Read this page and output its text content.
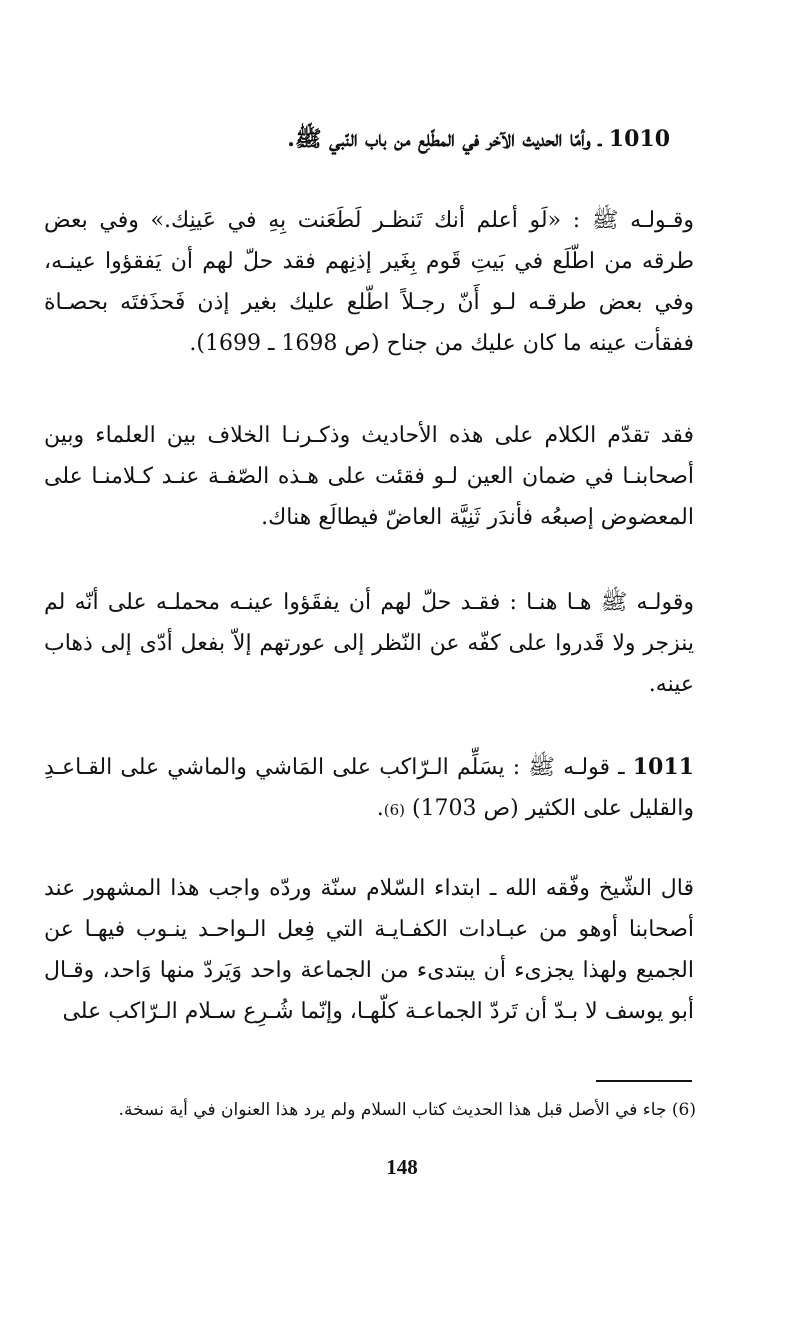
1010 ـ وأمّا الحديث الآخر في المطّلِع من باب النّبي ﷺ.

وقـولـه ﷺ : «لَو أعلم أنك تَنظـر لَطَعَنت بِهِ في عَينِك.» وفي بعض طرقه من اطّلَع في بَيتِ قَوم بِغَير إذنِهم فقد حلّ لهم أن يَفقؤوا عينـه، وفي بعض طرقـه لـو أَنّ رجـلاً اطّلع عليك بغير إذن فَحذَفتَه بحصـاة ففقأت عينه ما كان عليك من جناح (ص 1698 ـ 1699).

فقد تقدّم الكلام على هذه الأحاديث وذكـرنـا الخلاف بين العلماء وبين أصحابنـا في ضمان العين لـو فقئت على هـذه الصّفـة عنـد كـلامنـا على المعضوض إصبعُه فأندَر ثَنِيَّة العاضّ فيطالَع هناك.

وقولـه ﷺ هـا هنـا : فقـد حلّ لهم أن يفقَؤوا عينـه محملـه على أنّه لم ينزجر ولا قَدروا على كفّه عن النّظر إلى عورتهم إلاّ بفعل أدّى إلى ذهاب عينه.

1011 ـ قولـه ﷺ : يسَلِّم الـرّاكب على المَاشي والماشي على القـاعـدِ والقليل على الكثير (ص 1703) (6).

قال الشّيخ وفّقه الله ـ ابتداء السّلام سنّة وردّه واجب هذا المشهور عند أصحابنا أوهو من عبـادات الكفـايـة التي فِعل الـواحـد ينـوب فيهـا عن الجميع ولهذا يجزىء أن يبتدىء من الجماعة واحد وَيَردّ منها وَاحد، وقـال أبو يوسف لا بـدّ أن تَردّ الجماعـة كلّهـا، وإنّما شُـرِع سـلام الـرّاكب على

(6) جاء في الأصل قبل هذا الحديث كتاب السلام ولم يرد هذا العنوان في أية نسخة.

148
